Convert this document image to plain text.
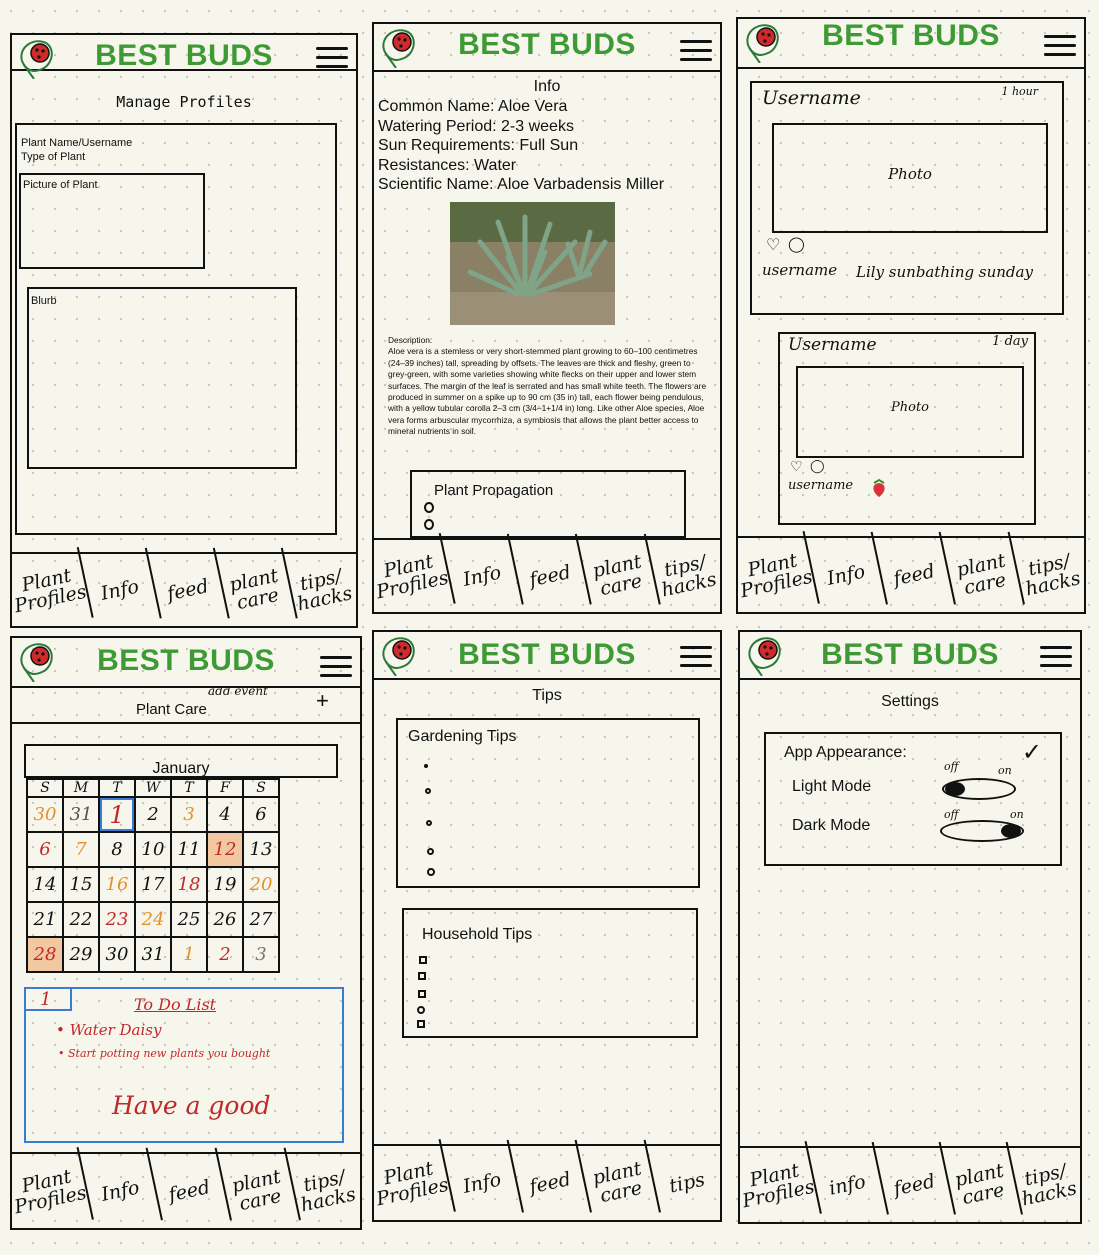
BEST BUDS
Manage Profiles
Plant Name/Username
Type of Plant
Picture of Plant
Blurb
Plant Profiles Info	feed plant care
tips/ hacks
BEST BUDS
Info
Common Name: Aloe Vera
Watering Period: 2-3 weeks
Sun Requirements: Full Sun
Resistances: Water
Scientific Name: Aloe Varbadensis Miller
Description:
Aloe vera is a stemless or very short-stemmed plant growing to 60–100 centimetres (24–39 inches) tall, spreading by offsets. The leaves are thick and fleshy, green to grey-green, with some varieties showing white flecks on their upper and lower stem surfaces. The margin of the leaf is serrated and has small white teeth. The flowers are produced in summer on a spike up to 90 cm (35 in) tall, each flower being pendulous, with a yellow tubular corolla 2–3 cm (3/4–1+1/4 in) long. Like other Aloe species, Aloe vera forms arbuscular mycorrhiza, a symbiosis that allows the plant better access to mineral nutrients in soil.
Plant Propagation
Plant Profiles Info	feed plant care
tips/ hacks
BEST BUDS
Username	1 hour
Photo
♡ ◯
username Lily sunbathing sunday
Username	1 day
Photo
♡ ◯
username
Plant Profiles Info	feed plant care
tips/ hacks
BEST BUDS
add event +
Plant Care
January
S	M	T	W	T	F	S
30	31	1	2	3	4	6
6	7	8	10	11	12	13
14	15	16	17	18	19	20
21	22	23	24	25	26	27
28	29	30	31	1	2	3
1	To Do List
• Water Daisy
• Start potting new plants you bought
Have a good
Plant Profiles Info	feed plant care
tips/ hacks
BEST BUDS
Tips
Gardening Tips
Household Tips
Plant Profiles Info	feed plant care	tips
BEST BUDS
Settings
App Appearance:	✓
Light Mode
off	on
Dark Mode
off	on
Plant Profiles info	feed plant care
tips/ hacks
